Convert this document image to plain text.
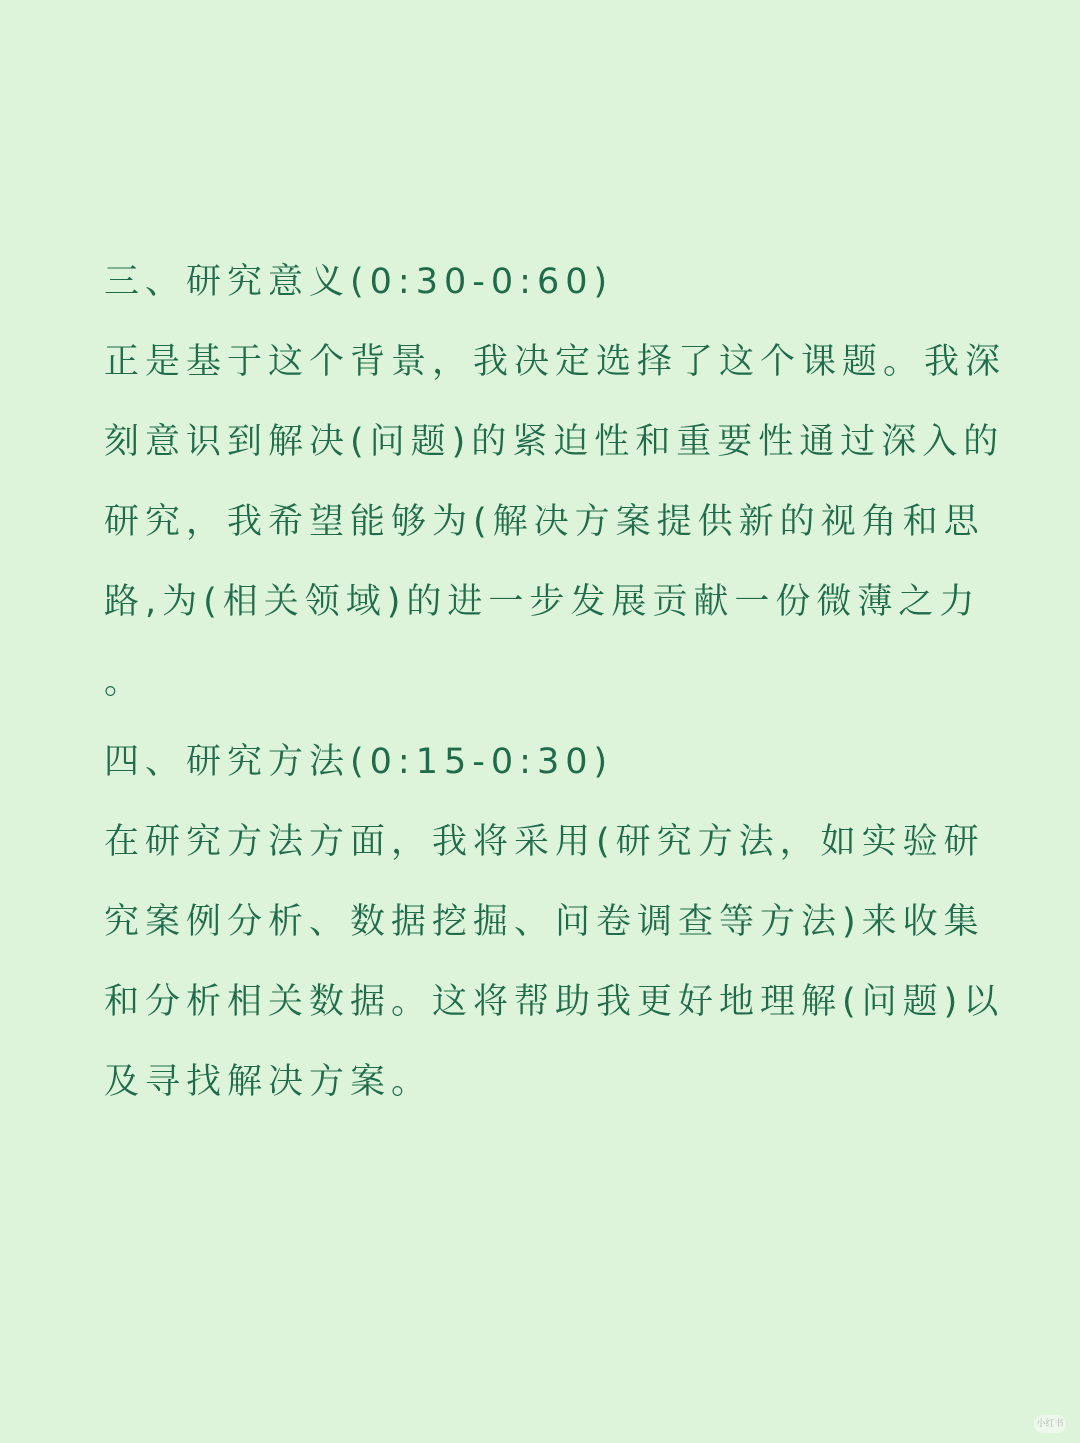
三、研究意义(0:30-0:60)
正是基于这个背景，我决定选择了这个课题。我深
刻意识到解决(问题)的紧迫性和重要性通过深入的
研究，我希望能够为(解决方案提供新的视角和思
路,为(相关领域)的进一步发展贡献一份微薄之力
。
四、研究方法(0:15-0:30)
在研究方法方面，我将采用(研究方法，如实验研
究案例分析、数据挖掘、问卷调查等方法)来收集
和分析相关数据。这将帮助我更好地理解(问题)以
及寻找解决方案。
小红书
